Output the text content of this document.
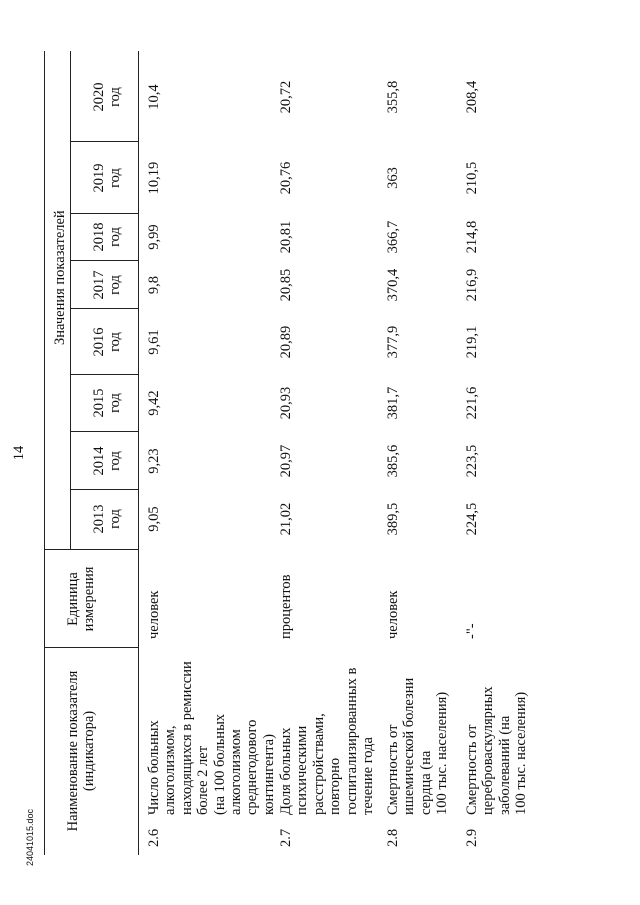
14
Наименование показателя (индикатора)
Единица измерения
Значения показателей
2013 год
2014 год
2015 год
2016 год
2017 год
2018 год
2019 год
2020 год
2.6
Число больных алкоголизмом, находящихся в ремиссии более 2 лет (на 100 больных алкоголизмом среднегодового контингента)
человек
9,05
9,23
9,42
9,61
9,8
9,99
10,19
10,4
2.7
Доля больных психическими расстройствами, повторно госпитализированных в течение года
процентов
21,02
20,97
20,93
20,89
20,85
20,81
20,76
20,72
2.8
Смертность от ишемической болезни сердца (на 100 тыс. населения)
человек
389,5
385,6
381,7
377,9
370,4
366,7
363
355,8
2.9
Смертность от цереброваскулярных заболеваний (на 100 тыс. населения)
-"-
224,5
223,5
221,6
219,1
216,9
214,8
210,5
208,4
24041015.doc
